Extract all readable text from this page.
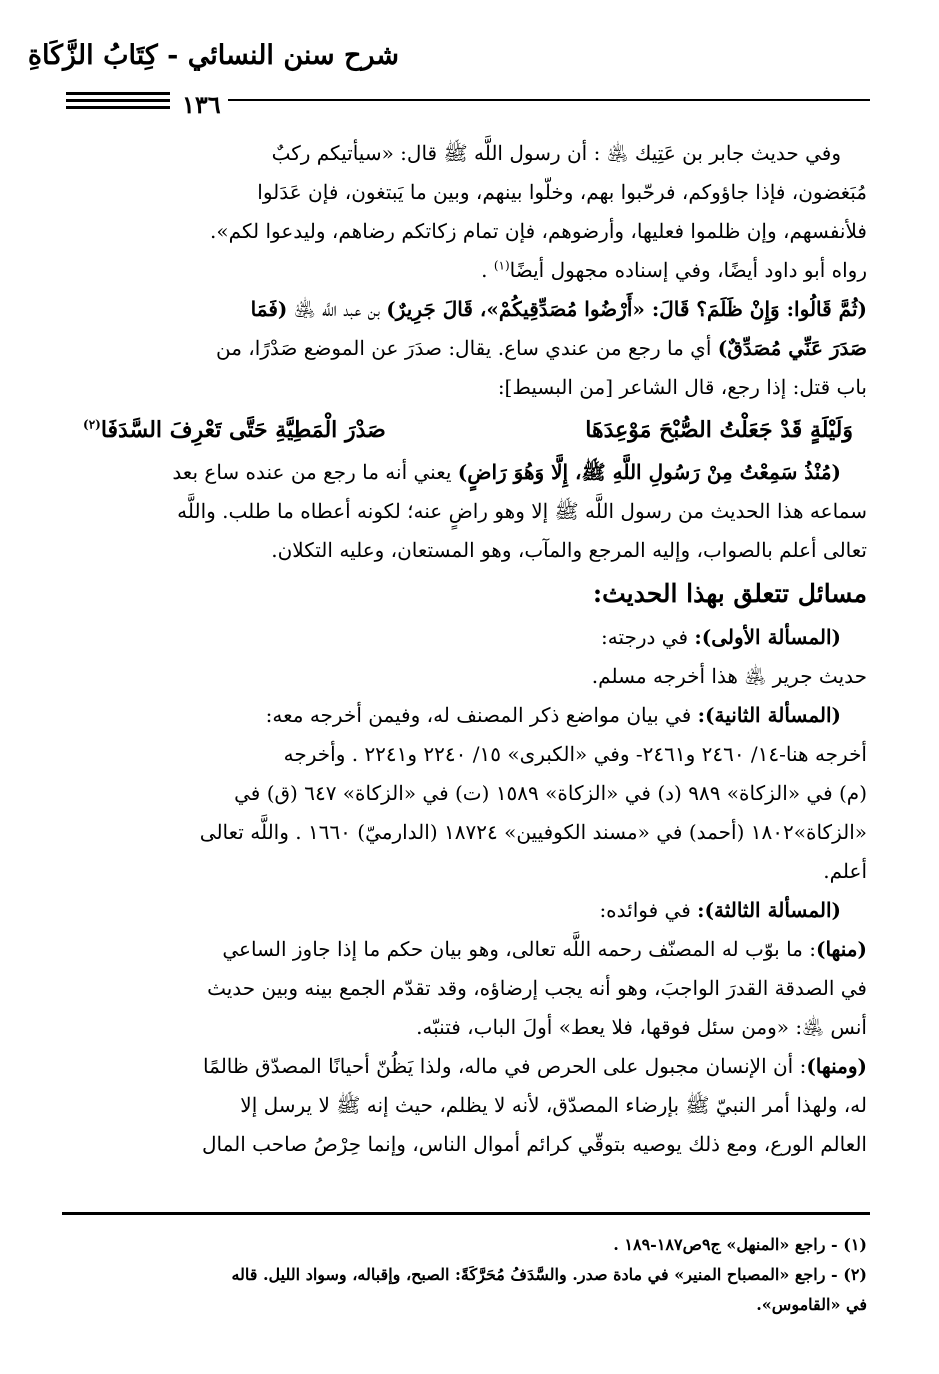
شرح سنن النسائي - كِتَابُ الزَّكَاةِ
١٣٦

وفي حديث جابر بن عَتِيك ﵁ : أن رسول اللَّه ﷺ قال: «سيأتيكم ركبٌ
مُبَغضون، فإذا جاؤوكم، فرحّبوا بهم، وخلّوا بينهم، وبين ما يَبتغون، فإن عَدَلوا
فلأنفسهم، وإن ظلموا فعليها، وأرضوهم، فإن تمام زكاتكم رضاهم، وليدعوا لكم».
رواه أبو داود أيضًا، وفي إسناده مجهول أيضًا$^{(١)}$ .

(ثُمَّ قَالُوا: وَإِنْ ظَلَمَ؟ قَالَ: «أَرْضُوا مُصَدِّقِيكُمْ»، قَالَ جَرِيرٌ) بن عبد اللَّه ﵁ (فَمَا
صَدَرَ عَنِّي مُصَدِّقٌ) أي ما رجع من عندي ساع. يقال: صدَرَ عن الموضع صَدْرًا، من
باب قتل: إذا رجع، قال الشاعر [من البسيط]:

وَلَيْلَةٍ قَدْ جَعَلْتُ الصُّبْحَ مَوْعِدَهَا
صَدْرَ الْمَطِيَّةِ حَتَّى تَعْرِفَ السَّدَفَا$^{(٢)}$

(مُنْذُ سَمِعْتُ مِنْ رَسُولِ اللَّهِ ﷺ، إِلَّا وَهُوَ رَاضٍ) يعني أنه ما رجع من عنده ساع بعد
سماعه هذا الحديث من رسول اللَّه ﷺ إلا وهو راضٍ عنه؛ لكونه أعطاه ما طلب. واللَّه
تعالى أعلم بالصواب، وإليه المرجع والمآب، وهو المستعان، وعليه التكلان.

مسائل تتعلق بهذا الحديث:

(المسألة الأولى): في درجته:
حديث جرير ﵁ هذا أخرجه مسلم.

(المسألة الثانية): في بيان مواضع ذكر المصنف له، وفيمن أخرجه معه:
أخرجه هنا-١٤/ ٢٤٦٠ و٢٤٦١- وفي «الكبرى» ١٥/ ٢٢٤٠ و٢٢٤١ . وأخرجه
(م) في «الزكاة» ٩٨٩ (د) في «الزكاة» ١٥٨٩ (ت) في «الزكاة» ٦٤٧ (ق) في
«الزكاة»١٨٠٢ (أحمد) في «مسند الكوفيين» ١٨٧٢٤ (الدارميّ) ١٦٦٠ . واللَّه تعالى
أعلم.

(المسألة الثالثة): في فوائده:
(منها): ما بوّب له المصنّف رحمه اللَّه تعالى، وهو بيان حكم ما إذا جاوز الساعي
في الصدقة القدرَ الواجبَ، وهو أنه يجب إرضاؤه، وقد تقدّم الجمع بينه وبين حديث
أنس ﵁: «ومن سئل فوقها، فلا يعط» أولَ الباب، فتنبّه.
(ومنها): أن الإنسان مجبول على الحرص في ماله، ولذا يَظُنّ أحيانًا المصدّق ظالمًا
له، ولهذا أمر النبيّ ﷺ بإرضاء المصدّق، لأنه لا يظلم، حيث إنه ﷺ لا يرسل إلا
العالم الورع، ومع ذلك يوصيه بتوقّي كرائم أموال الناس، وإنما حِرْصُ صاحب المال

(١) - راجع «المنهل» ج٩ص١٨٧-١٨٩ .

(٢) - راجع «المصباح المنير» في مادة صدر. والسَّدَفُ مُحَرَّكَةً: الصبح، وإقباله، وسواد الليل. قاله
في «القاموس».
